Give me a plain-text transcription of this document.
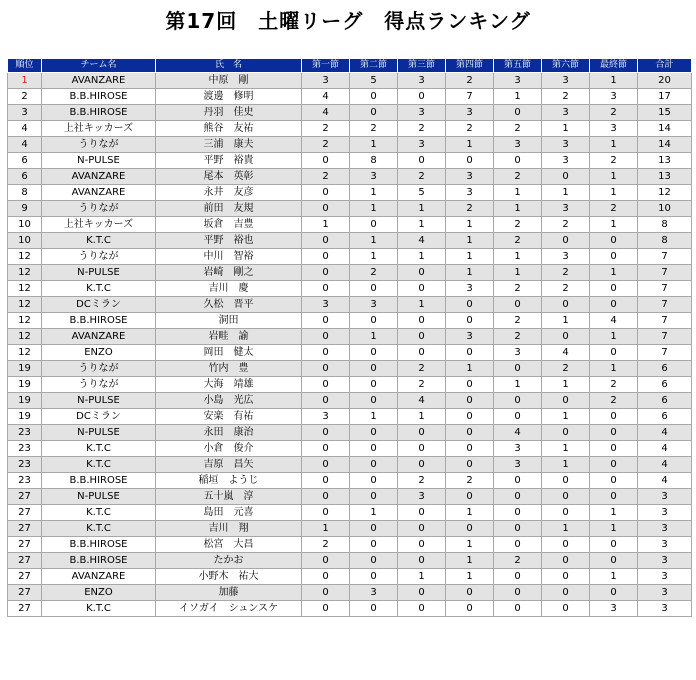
第17回　土曜リーグ　得点ランキング
順位	チーム名	氏　名	第一節	第二節	第三節	第四節	第五節	第六節	最終節	合計
1	AVANZARE	中原　剛	3	5	3	2	3	3	1	20
2	B.B.HIROSE	渡邊　修明	4	0	0	7	1	2	3	17
3	B.B.HIROSE	丹羽　佳史	4	0	3	3	0	3	2	15
4	上社キッカーズ	熊谷　友祐	2	2	2	2	2	1	3	14
4	うりなが	三浦　康夫	2	1	3	1	3	3	1	14
6	N-PULSE	平野　裕貴	0	8	0	0	0	3	2	13
6	AVANZARE	尾本　英彰	2	3	2	3	2	0	1	13
8	AVANZARE	永井　友彦	0	1	5	3	1	1	1	12
9	うりなが	前田　友規	0	1	1	2	1	3	2	10
10	上社キッカーズ	坂倉　吉豊	1	0	1	1	2	2	1	8
10	K.T.C	平野　裕也	0	1	4	1	2	0	0	8
12	うりなが	中川　智裕	0	1	1	1	1	3	0	7
12	N-PULSE	岩崎　剛之	0	2	0	1	1	2	1	7
12	K.T.C	吉川　慶	0	0	0	3	2	2	0	7
12	DCミラン	久松　晋平	3	3	1	0	0	0	0	7
12	B.B.HIROSE	洞田	0	0	0	0	2	1	4	7
12	AVANZARE	岩畦　諭	0	1	0	3	2	0	1	7
12	ENZO	岡田　健太	0	0	0	0	3	4	0	7
19	うりなが	竹内　豊	0	0	2	1	0	2	1	6
19	うりなが	大海　靖雄	0	0	2	0	1	1	2	6
19	N-PULSE	小島　光広	0	0	4	0	0	0	2	6
19	DCミラン	安楽　有祐	3	1	1	0	0	1	0	6
23	N-PULSE	永田　康治	0	0	0	0	4	0	0	4
23	K.T.C	小倉　俊介	0	0	0	0	3	1	0	4
23	K.T.C	吉原　昌矢	0	0	0	0	3	1	0	4
23	B.B.HIROSE	稲垣　ようじ	0	0	2	2	0	0	0	4
27	N-PULSE	五十嵐　淳	0	0	3	0	0	0	0	3
27	K.T.C	島田　元喜	0	1	0	1	0	0	1	3
27	K.T.C	吉川　翔	1	0	0	0	0	1	1	3
27	B.B.HIROSE	松宮　大昌	2	0	0	1	0	0	0	3
27	B.B.HIROSE	たかお	0	0	0	1	2	0	0	3
27	AVANZARE	小野木　祐大	0	0	1	1	0	0	1	3
27	ENZO	加藤	0	3	0	0	0	0	0	3
27	K.T.C	イソガイ　シュンスケ	0	0	0	0	0	0	3	3
